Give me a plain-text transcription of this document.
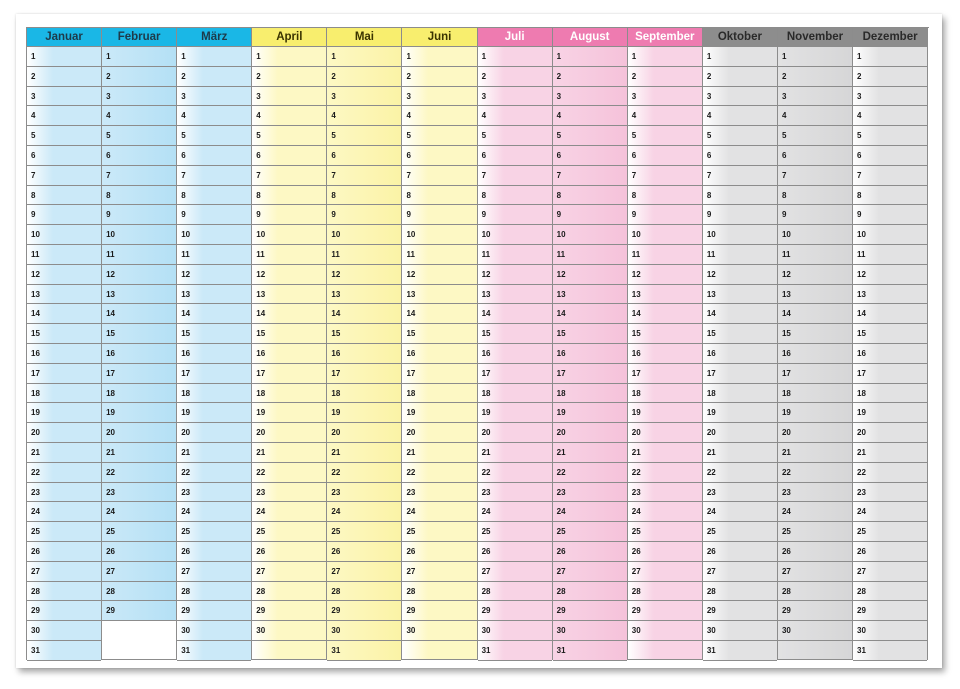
Januar
1
2
3
4
5
6
7
8
9
10
11
12
13
14
15
16
17
18
19
20
21
22
23
24
25
26
27
28
29
30
31
Februar
1
2
3
4
5
6
7
8
9
10
11
12
13
14
15
16
17
18
19
20
21
22
23
24
25
26
27
28
29
März
1
2
3
4
5
6
7
8
9
10
11
12
13
14
15
16
17
18
19
20
21
22
23
24
25
26
27
28
29
30
31
April
1
2
3
4
5
6
7
8
9
10
11
12
13
14
15
16
17
18
19
20
21
22
23
24
25
26
27
28
29
30
Mai
1
2
3
4
5
6
7
8
9
10
11
12
13
14
15
16
17
18
19
20
21
22
23
24
25
26
27
28
29
30
31
Juni
1
2
3
4
5
6
7
8
9
10
11
12
13
14
15
16
17
18
19
20
21
22
23
24
25
26
27
28
29
30
Juli
1
2
3
4
5
6
7
8
9
10
11
12
13
14
15
16
17
18
19
20
21
22
23
24
25
26
27
28
29
30
31
August
1
2
3
4
5
6
7
8
9
10
11
12
13
14
15
16
17
18
19
20
21
22
23
24
25
26
27
28
29
30
31
September
1
2
3
4
5
6
7
8
9
10
11
12
13
14
15
16
17
18
19
20
21
22
23
24
25
26
27
28
29
30
Oktober
1
2
3
4
5
6
7
8
9
10
11
12
13
14
15
16
17
18
19
20
21
22
23
24
25
26
27
28
29
30
31
November
1
2
3
4
5
6
7
8
9
10
11
12
13
14
15
16
17
18
19
20
21
22
23
24
25
26
27
28
29
30
Dezember
1
2
3
4
5
6
7
8
9
10
11
12
13
14
15
16
17
18
19
20
21
22
23
24
25
26
27
28
29
30
31
